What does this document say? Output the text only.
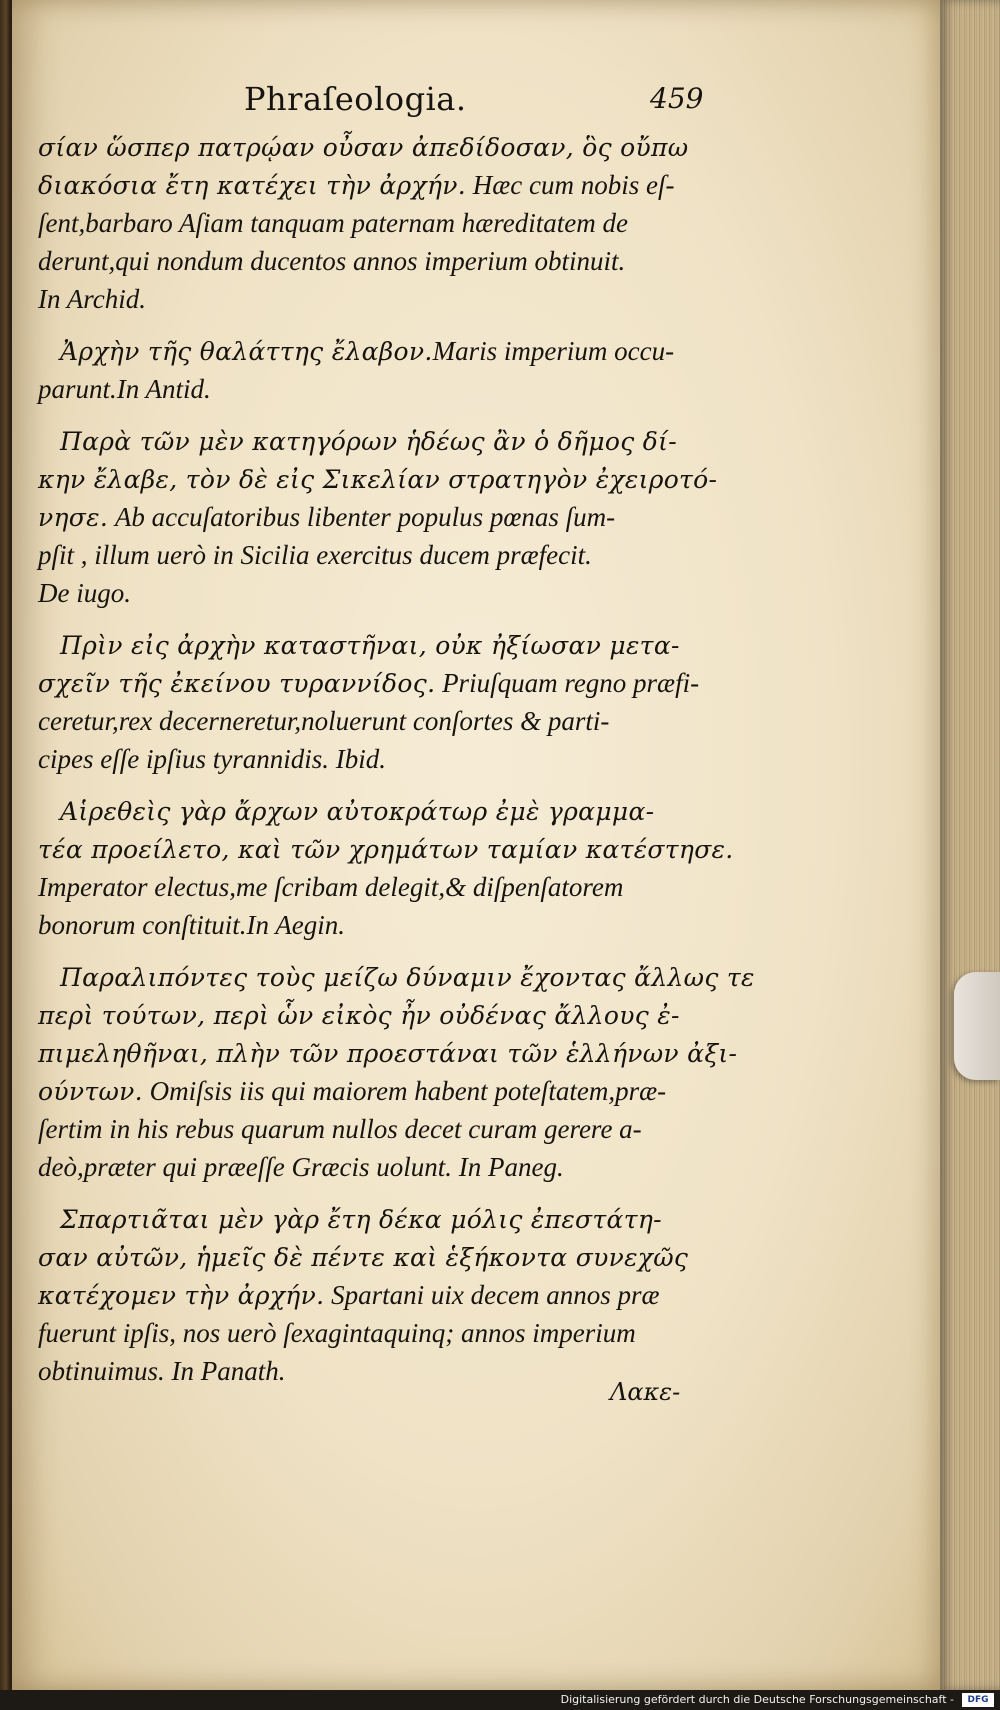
Phraſeologia.	459
σίαν ὥσπερ πατρῴαν οὖσαν ἀπεδίδοσαν, ὃς οὔπω
διακόσια ἔτη κατέχει τὴν ἀρχήν. Hæc cum nobis eſ-
ſent,barbaro Aſiam tanquam paternam hæreditatem de
derunt,qui nondum ducentos annos imperium obtinuit.
In Archid.
Ἀρχὴν τῆς θαλάττης ἔλαβον.Maris imperium occu-
parunt.In Antid.
Παρὰ τῶν μὲν κατηγόρων ἡδέως ἂν ὁ δῆμος δί-
κην ἔλαβε, τὸν δὲ εἰς Σικελίαν στρατηγὸν ἐχειροτό-
νησε. Ab accuſatoribus libenter populus pœnas ſum-
pſit , illum uerò in Sicilia exercitus ducem præfecit.
De iugo.
Πρὶν εἰς ἀρχὴν καταστῆναι, οὐκ ἠξίωσαν μετα-
σχεῖν τῆς ἐκείνου τυραννίδος. Priuſquam regno præfi-
ceretur,rex decerneretur,noluerunt conſortes & parti-
cipes eſſe ipſius tyrannidis. Ibid.
Αἱρεθεὶς γὰρ ἄρχων αὐτοκράτωρ ἐμὲ γραμμα-
τέα προείλετο, καὶ τῶν χρημάτων ταμίαν κατέστησε.
Imperator electus,me ſcribam delegit,& diſpenſatorem
bonorum conſtituit.In Aegin.
Παραλιπόντες τοὺς μείζω δύναμιν ἔχοντας ἄλλως τε
περὶ τούτων, περὶ ὧν εἰκὸς ἦν οὐδένας ἄλλους ἐ-
πιμεληθῆναι, πλὴν τῶν προεστάναι τῶν ἑλλήνων ἀξι-
ούντων. Omiſsis iis qui maiorem habent poteſtatem,præ-
ſertim in his rebus quarum nullos decet curam gerere a-
deò,præter qui præeſſe Græcis uolunt. In Paneg.
Σπαρτιᾶται μὲν γὰρ ἔτη δέκα μόλις ἐπεστάτη-
σαν αὐτῶν, ἡμεῖς δὲ πέντε καὶ ἑξήκοντα συνεχῶς
κατέχομεν τὴν ἀρχήν. Spartani uix decem annos præ
fuerunt ipſis, nos uerò ſexagintaquinq; annos imperium
obtinuimus. In Panath.
Λακε-
Digitalisierung gefördert durch die Deutsche Forschungsgemeinschaft -	DFG
